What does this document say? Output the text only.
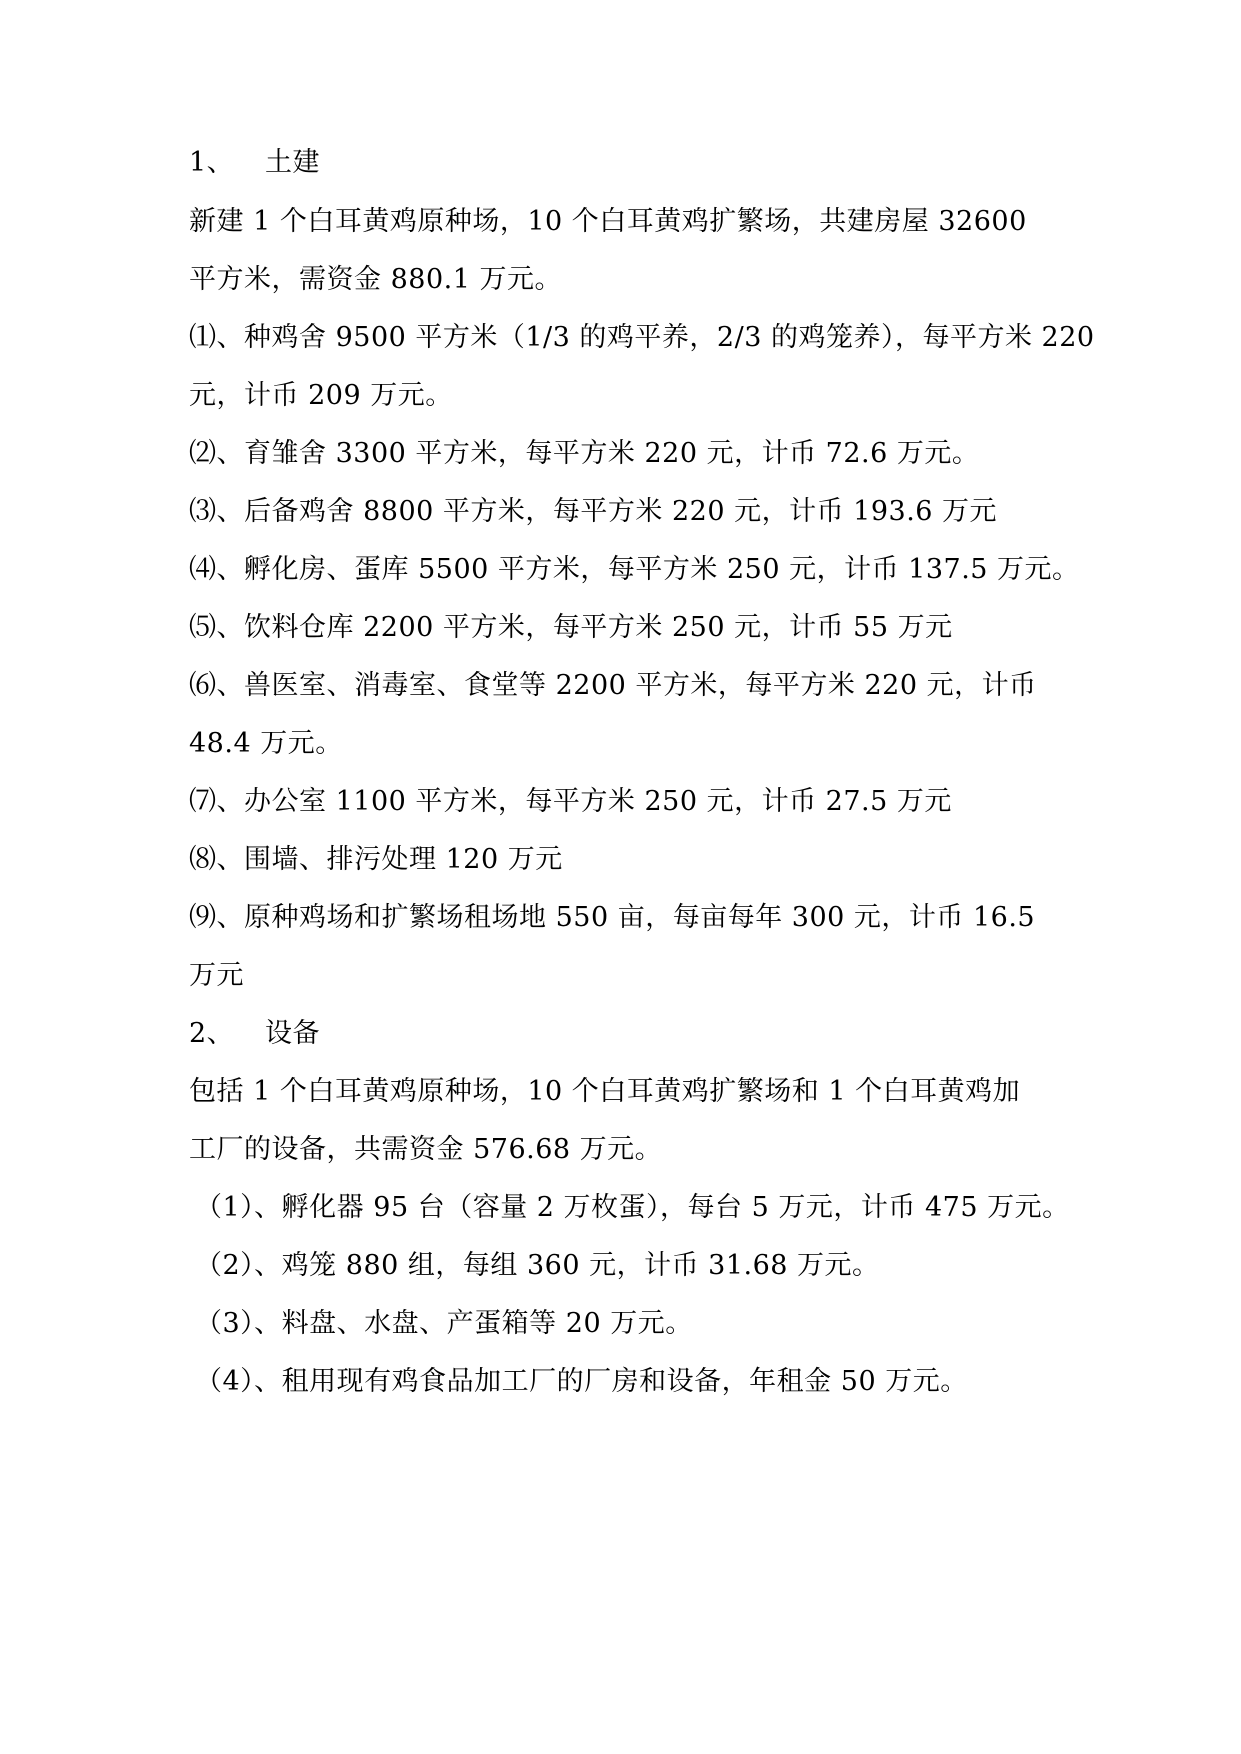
1、 土建
新建 1 个白耳黄鸡原种场，10 个白耳黄鸡扩繁场，共建房屋 32600
平方米，需资金 880.1 万元。
⑴、种鸡舍 9500 平方米（1/3 的鸡平养，2/3 的鸡笼养），每平方米 220
元，计币 209 万元。
⑵、育雏舍 3300 平方米，每平方米 220 元，计币 72.6 万元。
⑶、后备鸡舍 8800 平方米，每平方米 220 元，计币 193.6 万元
⑷、孵化房、蛋库 5500 平方米，每平方米 250 元，计币 137.5 万元。
⑸、饮料仓库 2200 平方米，每平方米 250 元，计币 55 万元
⑹、兽医室、消毒室、食堂等 2200 平方米，每平方米 220 元，计币
48.4 万元。
⑺、办公室 1100 平方米，每平方米 250 元，计币 27.5 万元
⑻、围墙、排污处理 120 万元
⑼、原种鸡场和扩繁场租场地 550 亩，每亩每年 300 元，计币 16.5
万元
2、 设备
包括 1 个白耳黄鸡原种场，10 个白耳黄鸡扩繁场和 1 个白耳黄鸡加
工厂的设备，共需资金 576.68 万元。
（1）、孵化器 95 台（容量 2 万枚蛋），每台 5 万元，计币 475 万元。
（2）、鸡笼 880 组，每组 360 元，计币 31.68 万元。
（3）、料盘、水盘、产蛋箱等 20 万元。
（4）、租用现有鸡食品加工厂的厂房和设备，年租金 50 万元。
